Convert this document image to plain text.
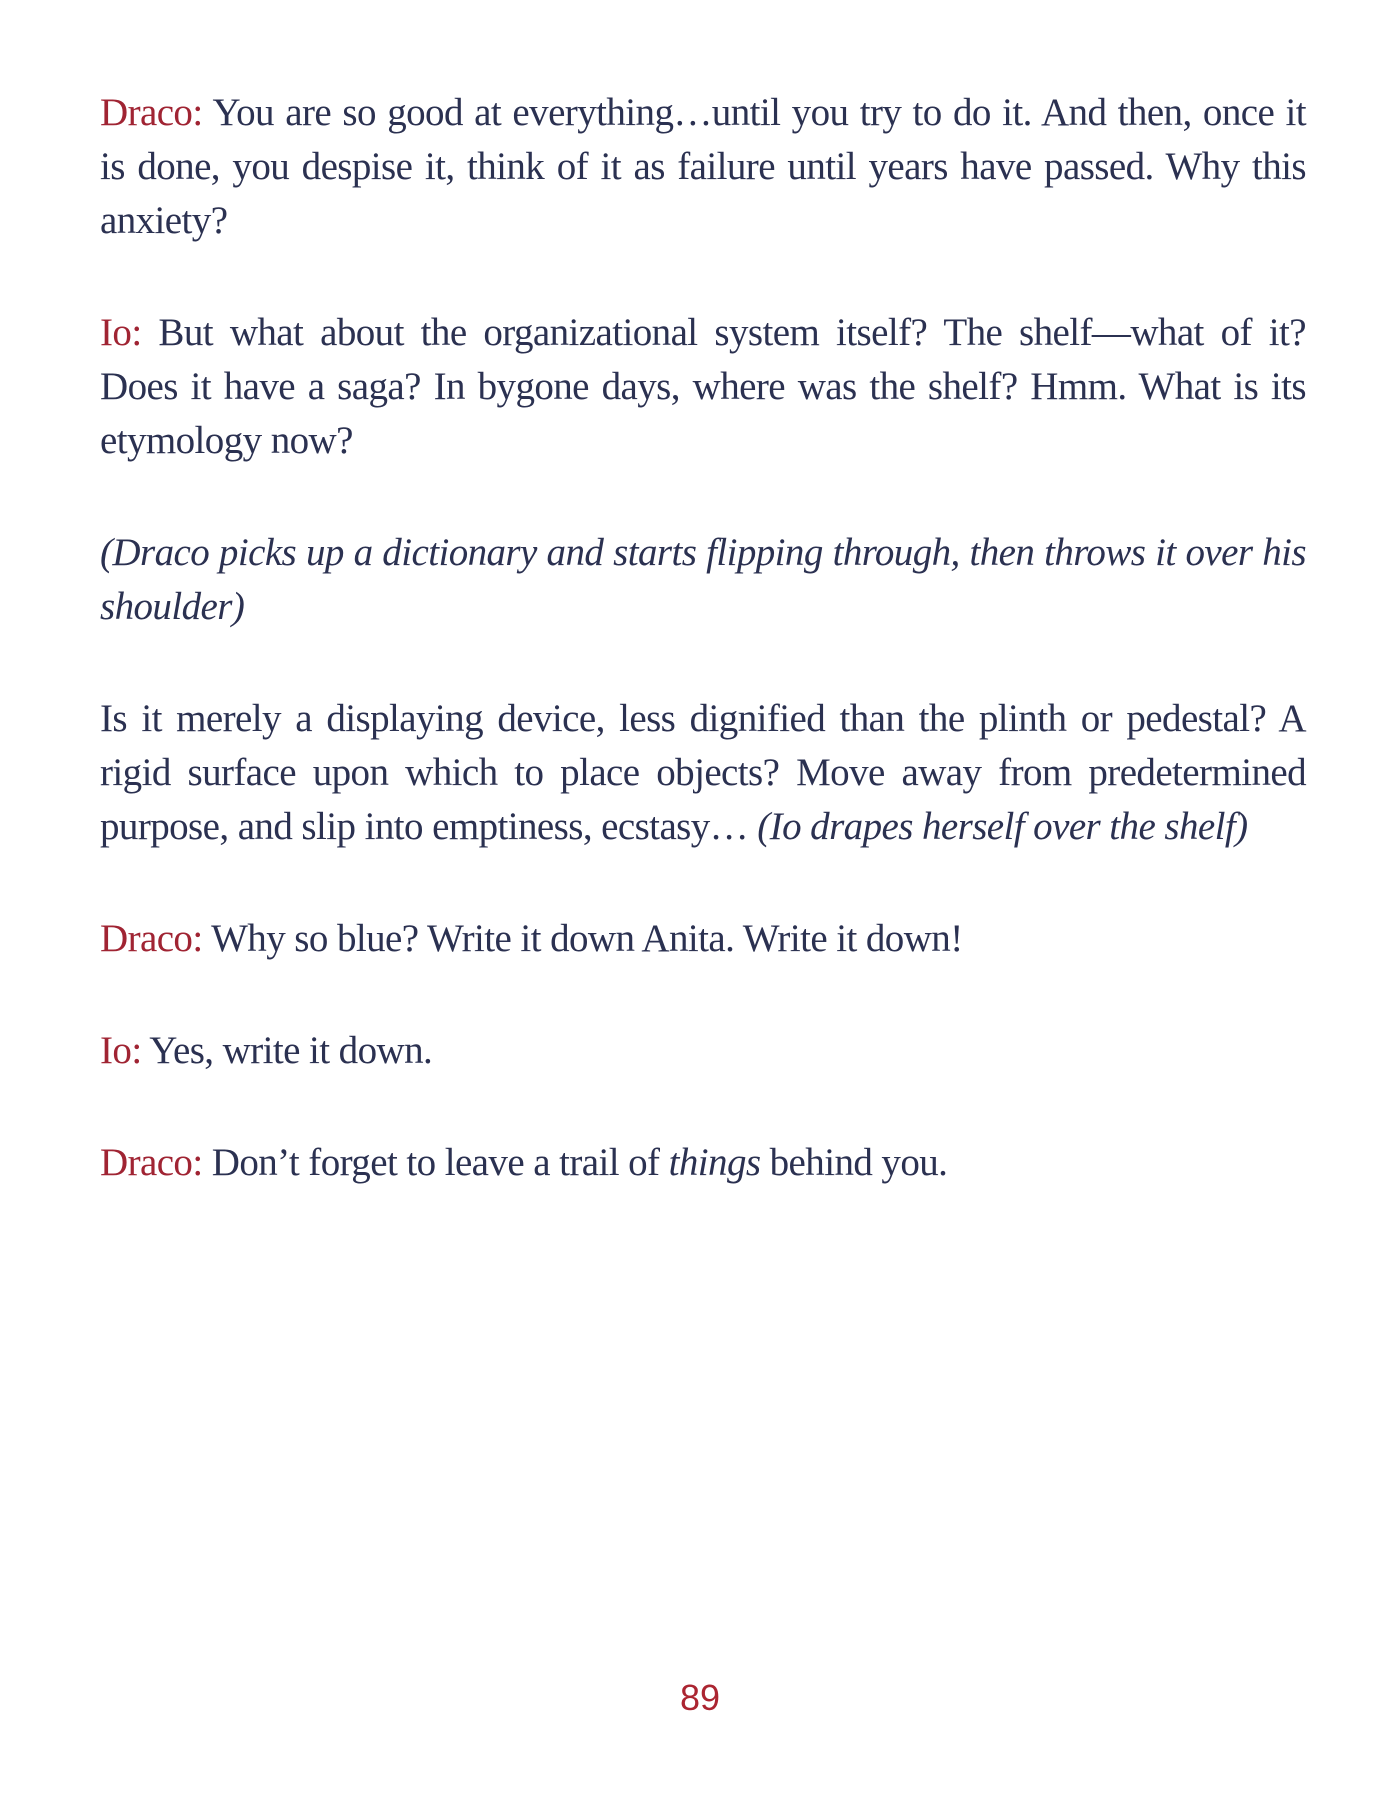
Draco: You are so good at everything…until you try to do it. And then, once it is done, you despise it, think of it as failure until years have passed. Why this anxiety?

Io: But what about the organizational system itself? The shelf—what of it? Does it have a saga? In bygone days, where was the shelf? Hmm. What is its etymology now?

(Draco picks up a dictionary and starts flipping through, then throws it over his shoulder)

Is it merely a displaying device, less dignified than the plinth or pedestal? A rigid surface upon which to place objects? Move away from predetermined purpose, and slip into emptiness, ecstasy… (Io drapes herself over the shelf)

Draco: Why so blue? Write it down Anita. Write it down!

Io: Yes, write it down.

Draco: Don’t forget to leave a trail of things behind you.

89
